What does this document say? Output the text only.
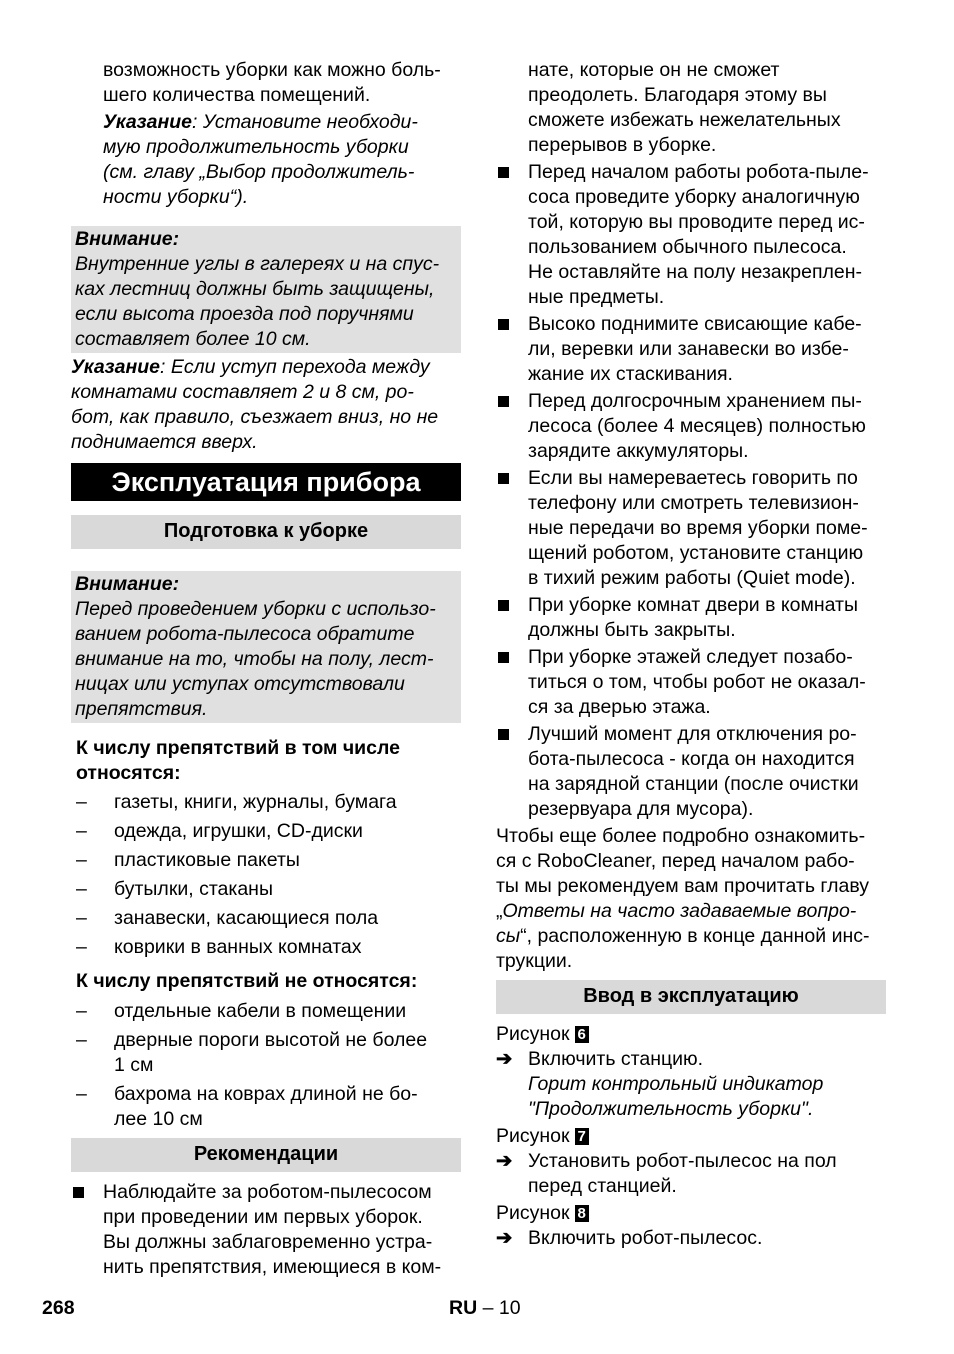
возможность уборки как можно боль-

шего количества помещений.

Указание: Установите необходи-

мую продолжительность уборки

(см. главу „Выбор продолжитель-

ности уборки“).

Внимание:

Внутренние углы в галереях и на спус-

ках лестниц должны быть защищены,

если высота проезда под поручнями

составляет более 10 см.

Указание: Если уступ перехода между

комнатами составляет 2 и 8 см, ро-

бот, как правило, съезжает вниз, но не

поднимается вверх.

Эксплуатация прибора
Подготовка к уборке

Внимание:

Перед проведением уборки с использо-

ванием робота-пылесоса обратите

внимание на то, чтобы на полу, лест-

ницах или уступах отсутствовали

препятствия.

К числу препятствий в том числе

относятся:

–	газеты, книги, журналы, бумага
–	одежда, игрушки, CD-диски
–	пластиковые пакеты
–	бутылки, стаканы
–	занавески, касающиеся пола
–	коврики в ванных комнатах

К числу препятствий не относятся:

–	отдельные кабели в помещении
–	дверные пороги высотой не более
1 см
–	бахрома на коврах длиной не бо-
лее 10 см
Рекомендации
Наблюдайте за роботом-пылесосом
при проведении им первых уборок.
Вы должны заблаговременно устра-
нить препятствия, имеющиеся в ком-

нате, которые он не сможет

преодолеть. Благодаря этому вы

сможете избежать нежелательных

перерывов в уборке.

Перед началом работы робота-пыле-
соса проведите уборку аналогичную
той, которую вы проводите перед ис-
пользованием обычного пылесоса.
Не оставляйте на полу незакреплен-
ные предметы.
Высоко поднимите свисающие кабе-
ли, веревки или занавески во избе-
жание их стаскивания.
Перед долгосрочным хранением пы-
лесоса (более 4 месяцев) полностью
зарядите аккумуляторы.
Если вы намереваетесь говорить по
телефону или смотреть телевизион-
ные передачи во время уборки поме-
щений роботом, установите станцию
в тихий режим работы (Quiet mode).
При уборке комнат двери в комнаты
должны быть закрыты.
При уборке этажей следует позабо-
титься о том, чтобы робот не оказал-
ся за дверью этажа.
Лучший момент для отключения ро-
бота-пылесоса - когда он находится
на зарядной станции (после очистки
резервуара для мусора).

Чтобы еще более подробно ознакомить-

ся с RoboCleaner, перед началом рабо-

ты мы рекомендуем вам прочитать главу

„Ответы на часто задаваемые вопро-

сы“, расположенную в конце данной инс-

трукции.

Ввод в эксплуатацию

Рисунок 6

➔ Включить станцию.

Горит контрольный индикатор

"Продолжительность уборки".

Рисунок 7

➔ Установить робот-пылесос на пол
перед станцией.

Рисунок 8

➔ Включить робот-пылесос.
268	RU – 10
